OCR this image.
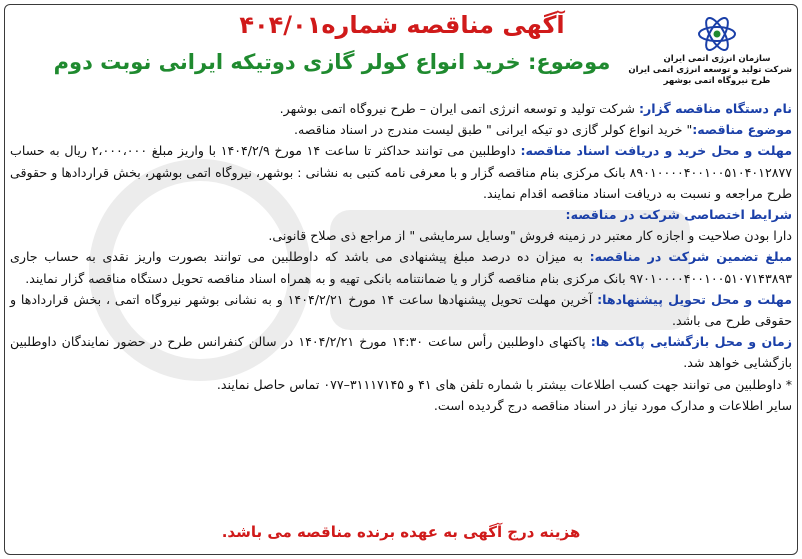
سازمان انرژی اتمی ایران
شرکت تولید و توسعه انرژی اتمی ایران
طرح نیروگاه اتمی بوشهر
آگهی مناقصه شماره۴۰۴/۰۱
موضوع: خرید انواع کولر گازی دوتیکه ایرانی نوبت دوم

نام دستگاه مناقصه گزار: شرکت تولید و توسعه انرژی اتمی ایران – طرح نیروگاه اتمی بوشهر.

موضوع مناقصه:" خرید انواع کولر گازی دو تیکه ایرانی " طبق لیست مندرج در اسناد مناقصه.

مهلت و محل خرید و دریافت اسناد مناقصه: داوطلبین می توانند حداکثر تا ساعت ۱۴ مورخ ۱۴۰۴/۲/۹ با واریز مبلغ ۲،۰۰۰،۰۰۰ ریال به حساب ۸۹۰۱۰۰۰۰۴۰۰۱۰۰۵۱۰۴۰۱۲۸۷۷ بانک مرکزی بنام مناقصه گزار و با معرفی نامه کتبی به نشانی : بوشهر، نیروگاه اتمی بوشهر، بخش قراردادها و حقوقی طرح مراجعه و نسبت به دریافت اسناد مناقصه اقدام نمایند.

شرایط اختصاصی شرکت در مناقصه:

دارا بودن صلاحیت و اجازه کار معتبر در زمینه فروش "وسایل سرمایشی " از مراجع ذی صلاح قانونی.

مبلغ تضمین شرکت در مناقصه: به میزان ده درصد مبلغ پیشنهادی می باشد که داوطلبین می توانند بصورت واریز نقدی به حساب جاری ۹۷۰۱۰۰۰۰۴۰۰۱۰۰۵۱۰۷۱۴۳۸۹۳ بانک مرکزی بنام مناقصه گزار و یا ضمانتنامه بانکی تهیه و به همراه اسناد مناقصه تحویل دستگاه مناقصه گزار نمایند.

مهلت و محل تحویل پیشنهادها: آخرین مهلت تحویل پیشنهادها ساعت ۱۴ مورخ ۱۴۰۴/۲/۲۱ و به نشانی بوشهر نیروگاه اتمی ، بخش قراردادها و حقوقی طرح می باشد.

زمان و محل بازگشایی پاکت ها: پاکتهای داوطلبین رأس ساعت ۱۴:۳۰ مورخ ۱۴۰۴/۲/۲۱ در سالن کنفرانس طرح در حضور نمایندگان داوطلبین بازگشایی خواهد شد.

* داوطلبین می توانند جهت کسب اطلاعات بیشتر با شماره تلفن های ۴۱ و ۳۱۱۱۷۱۴۵–۰۷۷ تماس حاصل نمایند.

سایر اطلاعات و مدارک مورد نیاز در اسناد مناقصه درج گردیده است.

هزینه درج آگهی به عهده برنده مناقصه می باشد.
